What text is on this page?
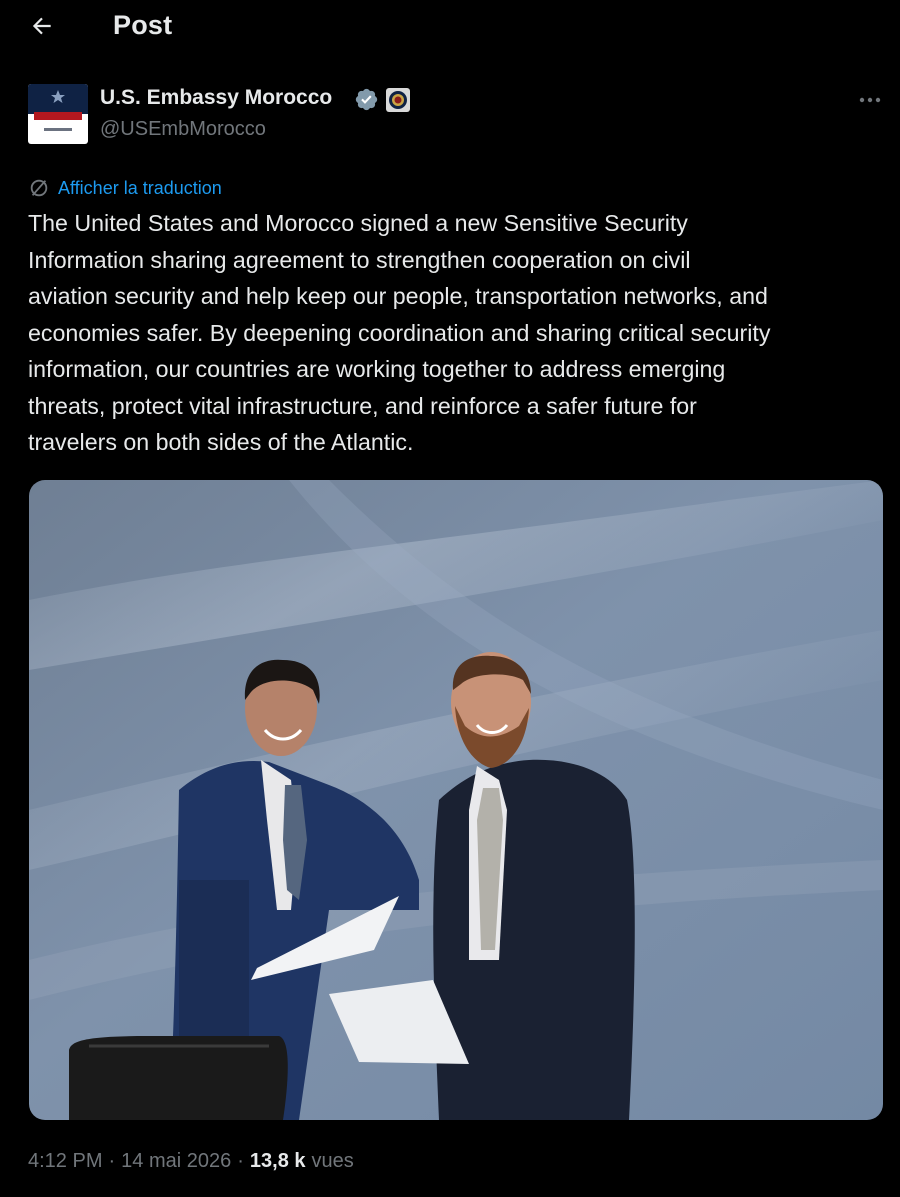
Post
U.S. Embassy Morocco
@USEmbMorocco
Afficher la traduction
The United States and Morocco signed a new Sensitive Security
Information sharing agreement to strengthen cooperation on civil
aviation security and help keep our people, transportation networks, and
economies safer. By deepening coordination and sharing critical security
information, our countries are working together to address emerging
threats, protect vital infrastructure, and reinforce a safer future for
travelers on both sides of the Atlantic.
4:12 PM · 14 mai 2026 · 13,8 k vues
